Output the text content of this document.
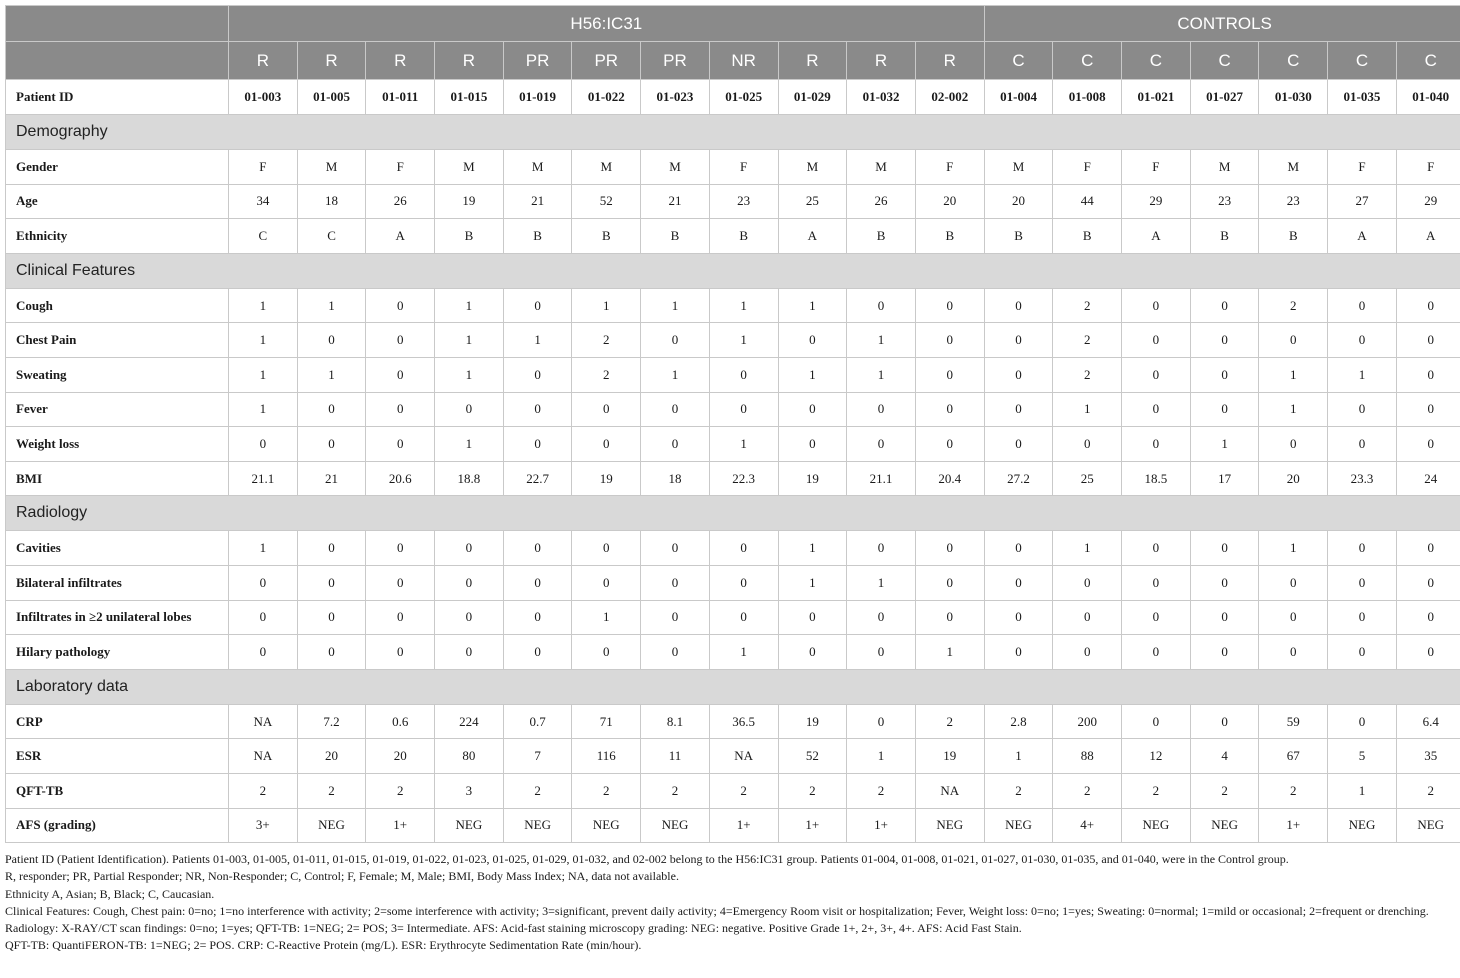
	H56:IC31											CONTROLS						
	R	R	R	R	PR	PR	PR	NR	R	R	R	C	C	C	C	C	C	C
Patient ID	01-003	01-005	01-011	01-015	01-019	01-022	01-023	01-025	01-029	01-032	02-002	01-004	01-008	01-021	01-027	01-030	01-035	01-040
Demography																		
Gender	F	M	F	M	M	M	M	F	M	M	F	M	F	F	M	M	F	F
Age	34	18	26	19	21	52	21	23	25	26	20	20	44	29	23	23	27	29
Ethnicity	C	C	A	B	B	B	B	B	A	B	B	B	B	A	B	B	A	A
Clinical Features																		
Cough	1	1	0	1	0	1	1	1	1	0	0	0	2	0	0	2	0	0
Chest Pain	1	0	0	1	1	2	0	1	0	1	0	0	2	0	0	0	0	0
Sweating	1	1	0	1	0	2	1	0	1	1	0	0	2	0	0	1	1	0
Fever	1	0	0	0	0	0	0	0	0	0	0	0	1	0	0	1	0	0
Weight loss	0	0	0	1	0	0	0	1	0	0	0	0	0	0	1	0	0	0
BMI	21.1	21	20.6	18.8	22.7	19	18	22.3	19	21.1	20.4	27.2	25	18.5	17	20	23.3	24
Radiology																		
Cavities	1	0	0	0	0	0	0	0	1	0	0	0	1	0	0	1	0	0
Bilateral infiltrates	0	0	0	0	0	0	0	0	1	1	0	0	0	0	0	0	0	0
Infiltrates in ≥2 unilateral lobes	0	0	0	0	0	1	0	0	0	0	0	0	0	0	0	0	0	0
Hilary pathology	0	0	0	0	0	0	0	1	0	0	1	0	0	0	0	0	0	0
Laboratory data																		
CRP	NA	7.2	0.6	224	0.7	71	8.1	36.5	19	0	2	2.8	200	0	0	59	0	6.4
ESR	NA	20	20	80	7	116	11	NA	52	1	19	1	88	12	4	67	5	35
QFT-TB	2	2	2	3	2	2	2	2	2	2	NA	2	2	2	2	2	1	2
AFS (grading)	3+	NEG	1+	NEG	NEG	NEG	NEG	1+	1+	1+	NEG	NEG	4+	NEG	NEG	1+	NEG	NEG

Patient ID (Patient Identification). Patients 01-003, 01-005, 01-011, 01-015, 01-019, 01-022, 01-023, 01-025, 01-029, 01-032, and 02-002 belong to the H56:IC31 group. Patients 01-004, 01-008, 01-021, 01-027, 01-030, 01-035, and 01-040, were in the Control group.

R, responder; PR, Partial Responder; NR, Non-Responder; C, Control; F, Female; M, Male; BMI, Body Mass Index; NA, data not available.

Ethnicity A, Asian; B, Black; C, Caucasian.

Clinical Features: Cough, Chest pain: 0=no; 1=no interference with activity; 2=some interference with activity; 3=significant, prevent daily activity; 4=Emergency Room visit or hospitalization; Fever, Weight loss: 0=no; 1=yes; Sweating: 0=normal; 1=mild or occasional; 2=frequent or drenching.

Radiology: X-RAY/CT scan findings: 0=no; 1=yes; QFT-TB: 1=NEG; 2= POS; 3= Intermediate. AFS: Acid-fast staining microscopy grading: NEG: negative. Positive Grade 1+, 2+, 3+, 4+. AFS: Acid Fast Stain.

QFT-TB: QuantiFERON-TB: 1=NEG; 2= POS. CRP: C-Reactive Protein (mg/L). ESR: Erythrocyte Sedimentation Rate (min/hour).
